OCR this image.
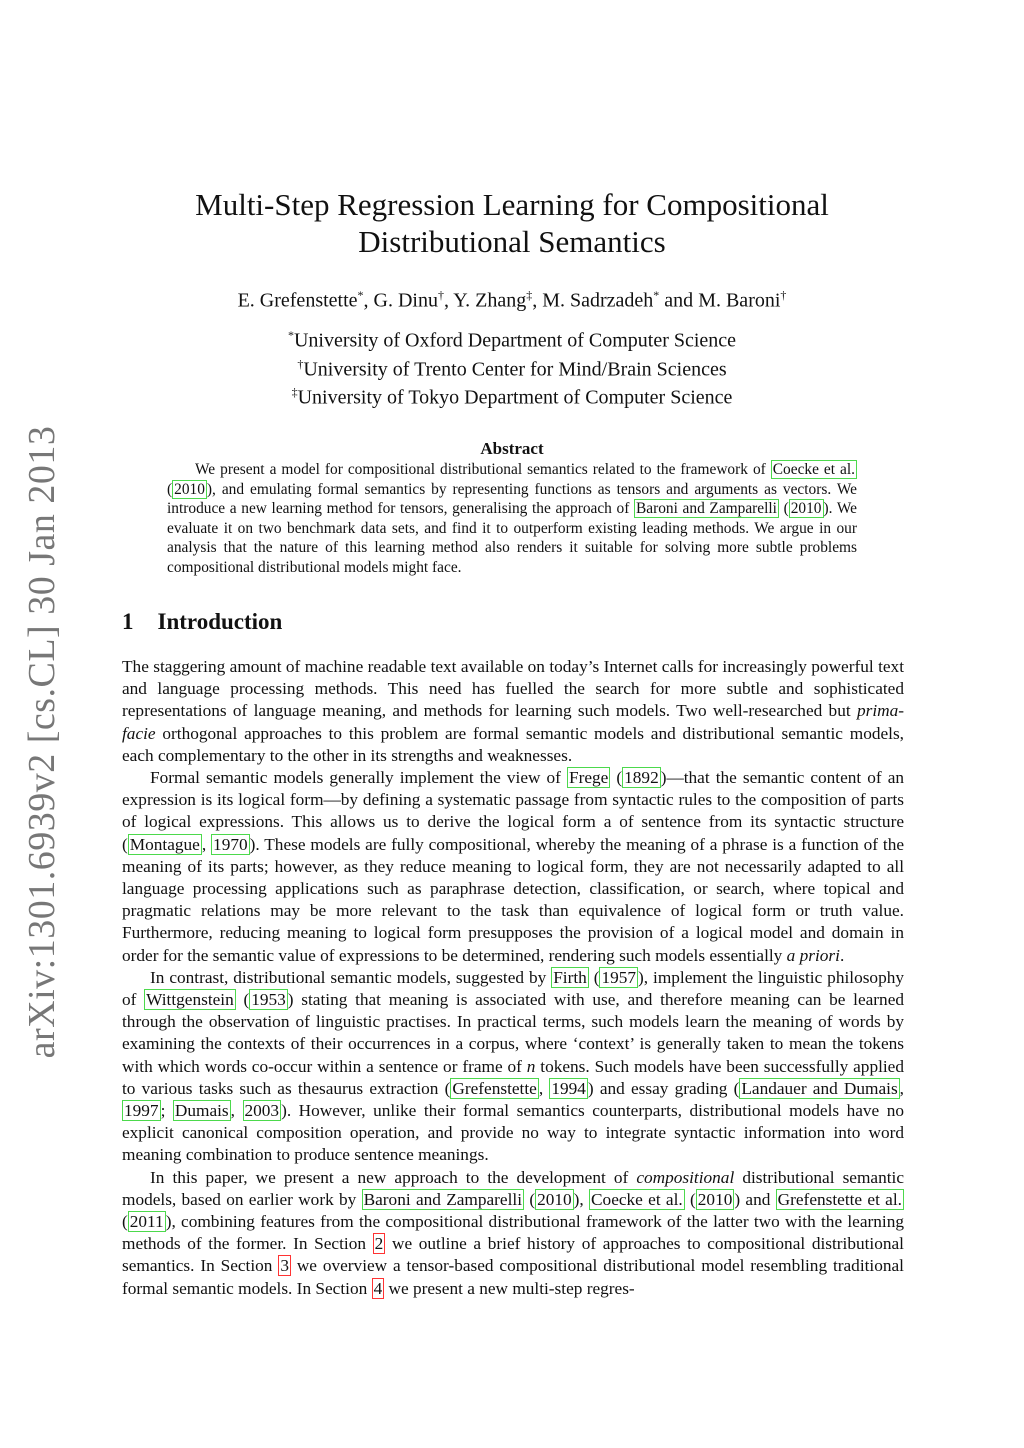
arXiv:1301.6939v2 [cs.CL] 30 Jan 2013
Multi-Step Regression Learning for Compositional Distributional Semantics
E. Grefenstette*, G. Dinu†, Y. Zhang‡, M. Sadrzadeh* and M. Baroni†
*University of Oxford Department of Computer Science
†University of Trento Center for Mind/Brain Sciences
‡University of Tokyo Department of Computer Science
Abstract

We present a model for compositional distributional semantics related to the framework of Coecke et al. ( 2010 ), and emulating formal semantics by representing functions as tensors and arguments as vectors. We introduce a new learning method for tensors, generalising the approach of Baroni and Zamparelli ( 2010 ). We evaluate it on two benchmark data sets, and find it to outperform existing leading methods. We argue in our analysis that the nature of this learning method also renders it suitable for solving more subtle problems compositional distributional models might face.

1 Introduction

The staggering amount of machine readable text available on today’s Internet calls for increasingly powerful text and language processing methods. This need has fuelled the search for more subtle and sophisticated representations of language meaning, and methods for learning such models. Two well-researched but prima-facie orthogonal approaches to this problem are formal semantic models and distributional semantic models, each complementary to the other in its strengths and weaknesses.

Formal semantic models generally implement the view of Frege ( 1892 )—that the semantic content of an expression is its logical form—by defining a systematic passage from syntactic rules to the composition of parts of logical expressions. This allows us to derive the logical form a of sentence from its syntactic structure ( Montague , 1970 ). These models are fully compositional, whereby the meaning of a phrase is a function of the meaning of its parts; however, as they reduce meaning to logical form, they are not necessarily adapted to all language processing applications such as paraphrase detection, classification, or search, where topical and pragmatic relations may be more relevant to the task than equivalence of logical form or truth value. Furthermore, reducing meaning to logical form presupposes the provision of a logical model and domain in order for the semantic value of expressions to be determined, rendering such models essentially a priori.

In contrast, distributional semantic models, suggested by Firth ( 1957 ), implement the linguistic philosophy of Wittgenstein ( 1953 ) stating that meaning is associated with use, and therefore meaning can be learned through the observation of linguistic practises. In practical terms, such models learn the meaning of words by examining the contexts of their occurrences in a corpus, where ‘context’ is generally taken to mean the tokens with which words co-occur within a sentence or frame of n tokens. Such models have been successfully applied to various tasks such as thesaurus extraction ( Grefenstette , 1994 ) and essay grading ( Landauer and Dumais , 1997 ; Dumais , 2003 ). However, unlike their formal semantics counterparts, distributional models have no explicit canonical composition operation, and provide no way to integrate syntactic information into word meaning combination to produce sentence meanings.

In this paper, we present a new approach to the development of compositional distributional semantic models, based on earlier work by Baroni and Zamparelli ( 2010 ), Coecke et al. ( 2010 ) and Grefenstette et al. ( 2011 ), combining features from the compositional distributional framework of the latter two with the learning methods of the former. In Section 2 we outline a brief history of approaches to compositional distributional semantics. In Section 3 we overview a tensor-based compositional distributional model resembling traditional formal semantic models. In Section 4 we present a new multi-step regres-
